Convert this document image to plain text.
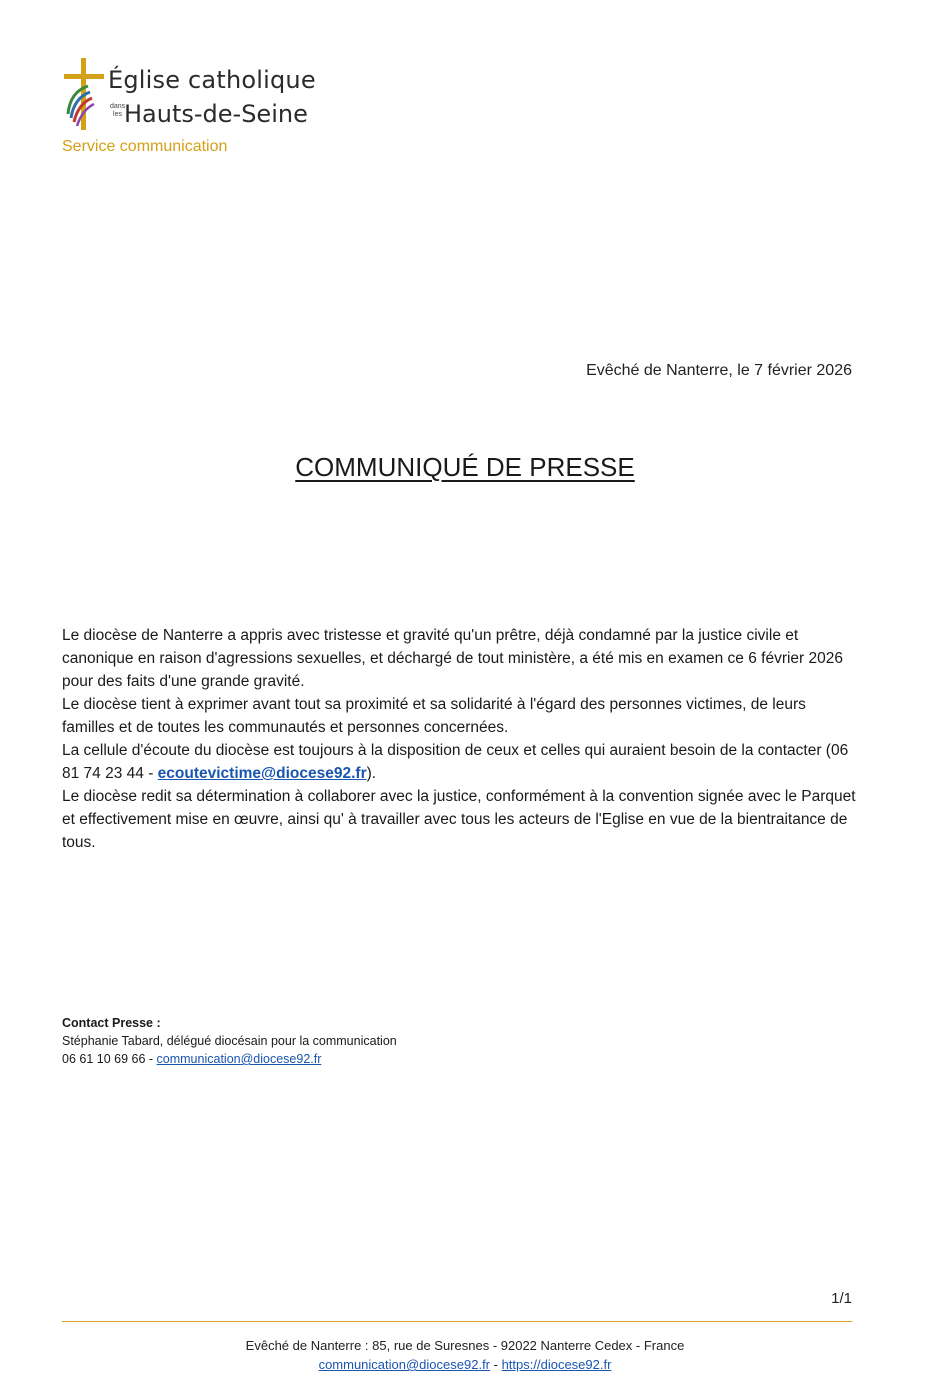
Église catholique
dans
lesHauts-de-Seine
Service communication
Evêché de Nanterre, le 7 février 2026
COMMUNIQUÉ DE PRESSE

Le diocèse de Nanterre a appris avec tristesse et gravité qu'un prêtre, déjà condamné par la justice civile et canonique en raison d'agressions sexuelles, et déchargé de tout ministère, a été mis en examen ce 6 février 2026 pour des faits d'une grande gravité.

Le diocèse tient à exprimer avant tout sa proximité et sa solidarité à l'égard des personnes victimes, de leurs familles et de toutes les communautés et personnes concernées.

La cellule d'écoute du diocèse est toujours à la disposition de ceux et celles qui auraient besoin de la contacter (06 81 74 23 44 - ecoutevictime@diocese92.fr).

Le diocèse redit sa détermination à collaborer avec la justice, conformément à la convention signée avec le Parquet et effectivement mise en œuvre, ainsi qu' à travailler avec tous les acteurs de l'Eglise en vue de la bientraitance de tous.

Contact Presse :
Stéphanie Tabard, délégué diocésain pour la communication
06 61 10 69 66 - communication@diocese92.fr
1/1
Evêché de Nanterre : 85, rue de Suresnes - 92022 Nanterre Cedex - France
communication@diocese92.fr - https://diocese92.fr
